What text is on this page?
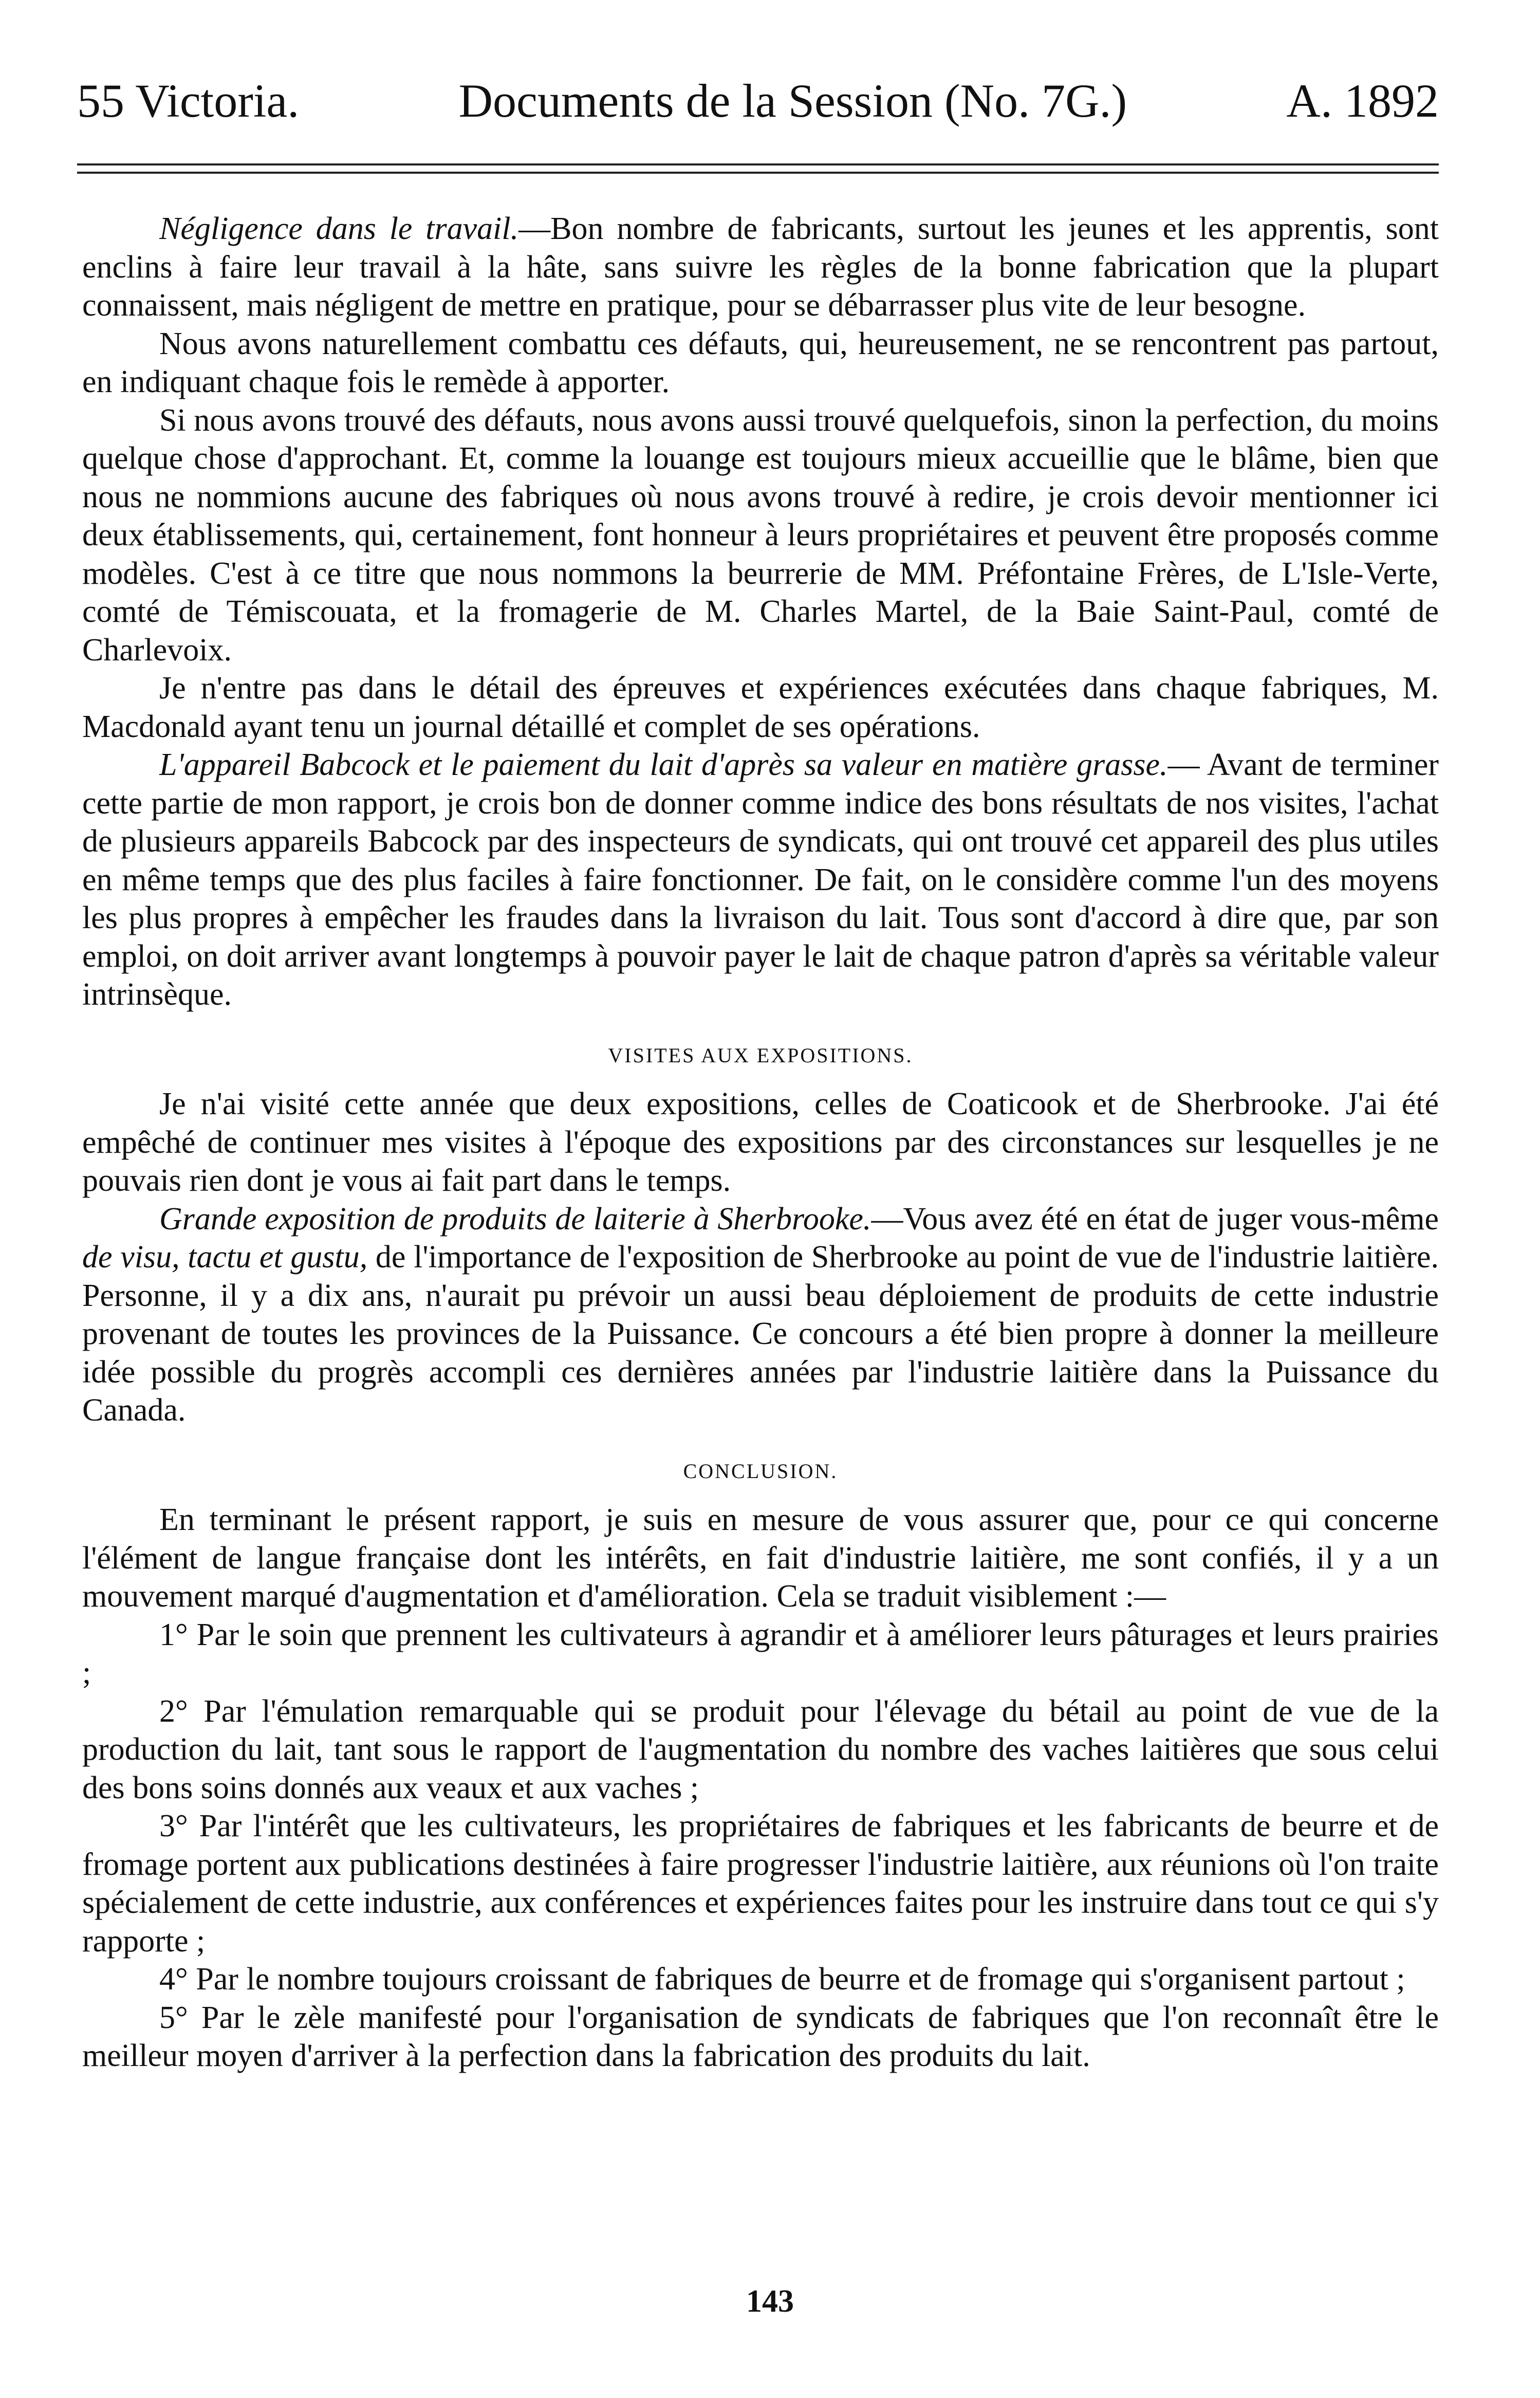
55 Victoria.	Documents de la Session (No. 7G.)	A. 1892

Négligence dans le travail.—Bon nombre de fabricants, surtout les jeunes et les apprentis, sont enclins à faire leur travail à la hâte, sans suivre les règles de la bonne fabrication que la plupart connaissent, mais négligent de mettre en pratique, pour se débarrasser plus vite de leur besogne.

Nous avons naturellement combattu ces défauts, qui, heureusement, ne se rencontrent pas partout, en indiquant chaque fois le remède à apporter.

Si nous avons trouvé des défauts, nous avons aussi trouvé quelquefois, sinon la perfection, du moins quelque chose d'approchant. Et, comme la louange est toujours mieux accueillie que le blâme, bien que nous ne nommions aucune des fabriques où nous avons trouvé à redire, je crois devoir mentionner ici deux établissements, qui, certainement, font honneur à leurs propriétaires et peuvent être proposés comme modèles. C'est à ce titre que nous nommons la beurrerie de MM. Préfontaine Frères, de L'Isle-Verte, comté de Témiscouata, et la fromagerie de M. Charles Martel, de la Baie Saint-Paul, comté de Charlevoix.

Je n'entre pas dans le détail des épreuves et expériences exécutées dans chaque fabriques, M. Macdonald ayant tenu un journal détaillé et complet de ses opérations.

L'appareil Babcock et le paiement du lait d'après sa valeur en matière grasse.— Avant de terminer cette partie de mon rapport, je crois bon de donner comme indice des bons résultats de nos visites, l'achat de plusieurs appareils Babcock par des inspecteurs de syndicats, qui ont trouvé cet appareil des plus utiles en même temps que des plus faciles à faire fonctionner. De fait, on le considère comme l'un des moyens les plus propres à empêcher les fraudes dans la livraison du lait. Tous sont d'accord à dire que, par son emploi, on doit arriver avant longtemps à pouvoir payer le lait de chaque patron d'après sa véritable valeur intrinsèque.

VISITES AUX EXPOSITIONS.

Je n'ai visité cette année que deux expositions, celles de Coaticook et de Sherbrooke. J'ai été empêché de continuer mes visites à l'époque des expositions par des circonstances sur lesquelles je ne pouvais rien dont je vous ai fait part dans le temps.

Grande exposition de produits de laiterie à Sherbrooke.—Vous avez été en état de juger vous-même de visu, tactu et gustu, de l'importance de l'exposition de Sherbrooke au point de vue de l'industrie laitière. Personne, il y a dix ans, n'aurait pu prévoir un aussi beau déploiement de produits de cette industrie provenant de toutes les provinces de la Puissance. Ce concours a été bien propre à donner la meilleure idée possible du progrès accompli ces dernières années par l'industrie laitière dans la Puissance du Canada.

CONCLUSION.

En terminant le présent rapport, je suis en mesure de vous assurer que, pour ce qui concerne l'élément de langue française dont les intérêts, en fait d'industrie laitière, me sont confiés, il y a un mouvement marqué d'augmentation et d'amélioration. Cela se traduit visiblement :—

1° Par le soin que prennent les cultivateurs à agrandir et à améliorer leurs pâturages et leurs prairies ;

2° Par l'émulation remarquable qui se produit pour l'élevage du bétail au point de vue de la production du lait, tant sous le rapport de l'augmentation du nombre des vaches laitières que sous celui des bons soins donnés aux veaux et aux vaches ;

3° Par l'intérêt que les cultivateurs, les propriétaires de fabriques et les fabricants de beurre et de fromage portent aux publications destinées à faire progresser l'industrie laitière, aux réunions où l'on traite spécialement de cette industrie, aux conférences et expériences faites pour les instruire dans tout ce qui s'y rapporte ;

4° Par le nombre toujours croissant de fabriques de beurre et de fromage qui s'organisent partout ;

5° Par le zèle manifesté pour l'organisation de syndicats de fabriques que l'on reconnaît être le meilleur moyen d'arriver à la perfection dans la fabrication des produits du lait.

143
